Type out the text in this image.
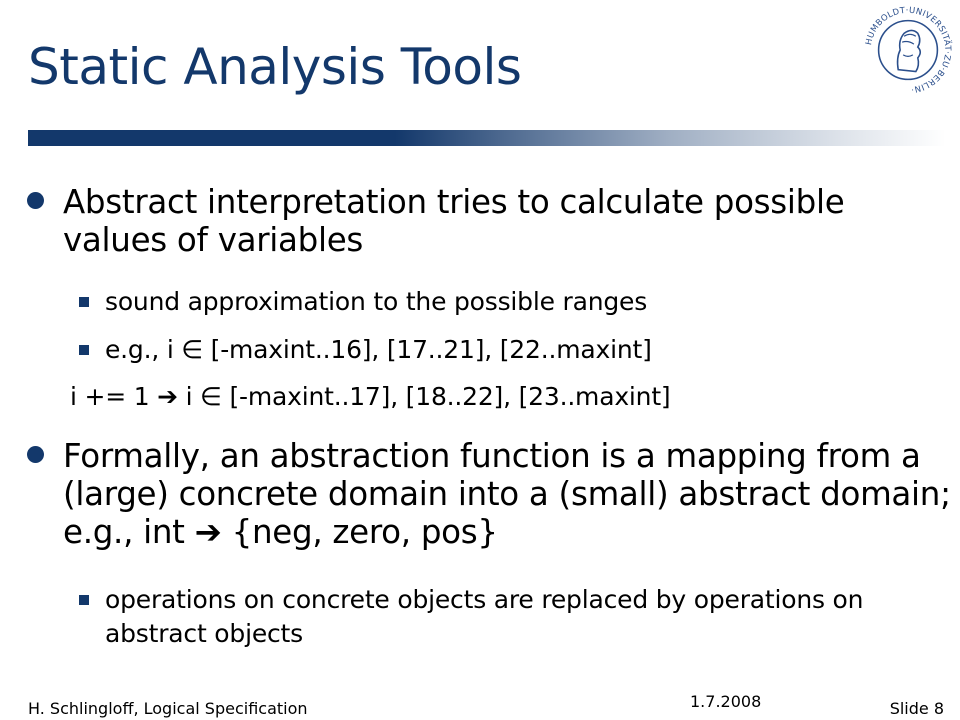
Static Analysis Tools	HUMBOLDT·UNIVERSITÄT·ZU·BERLIN·
Abstract interpretation tries to calculate possible values of variables
sound approximation to the possible ranges
e.g., i ∈ [-maxint..16], [17..21], [22..maxint]
i += 1 ➔ i ∈ [-maxint..17], [18..22], [23..maxint]
Formally, an abstraction function is a mapping from a (large) concrete domain into a (small) abstract domain; e.g., int ➔ {neg, zero, pos}
operations on concrete objects are replaced by operations on abstract objects
H. Schlingloff, Logical Specification	1.7.2008	Slide 8
